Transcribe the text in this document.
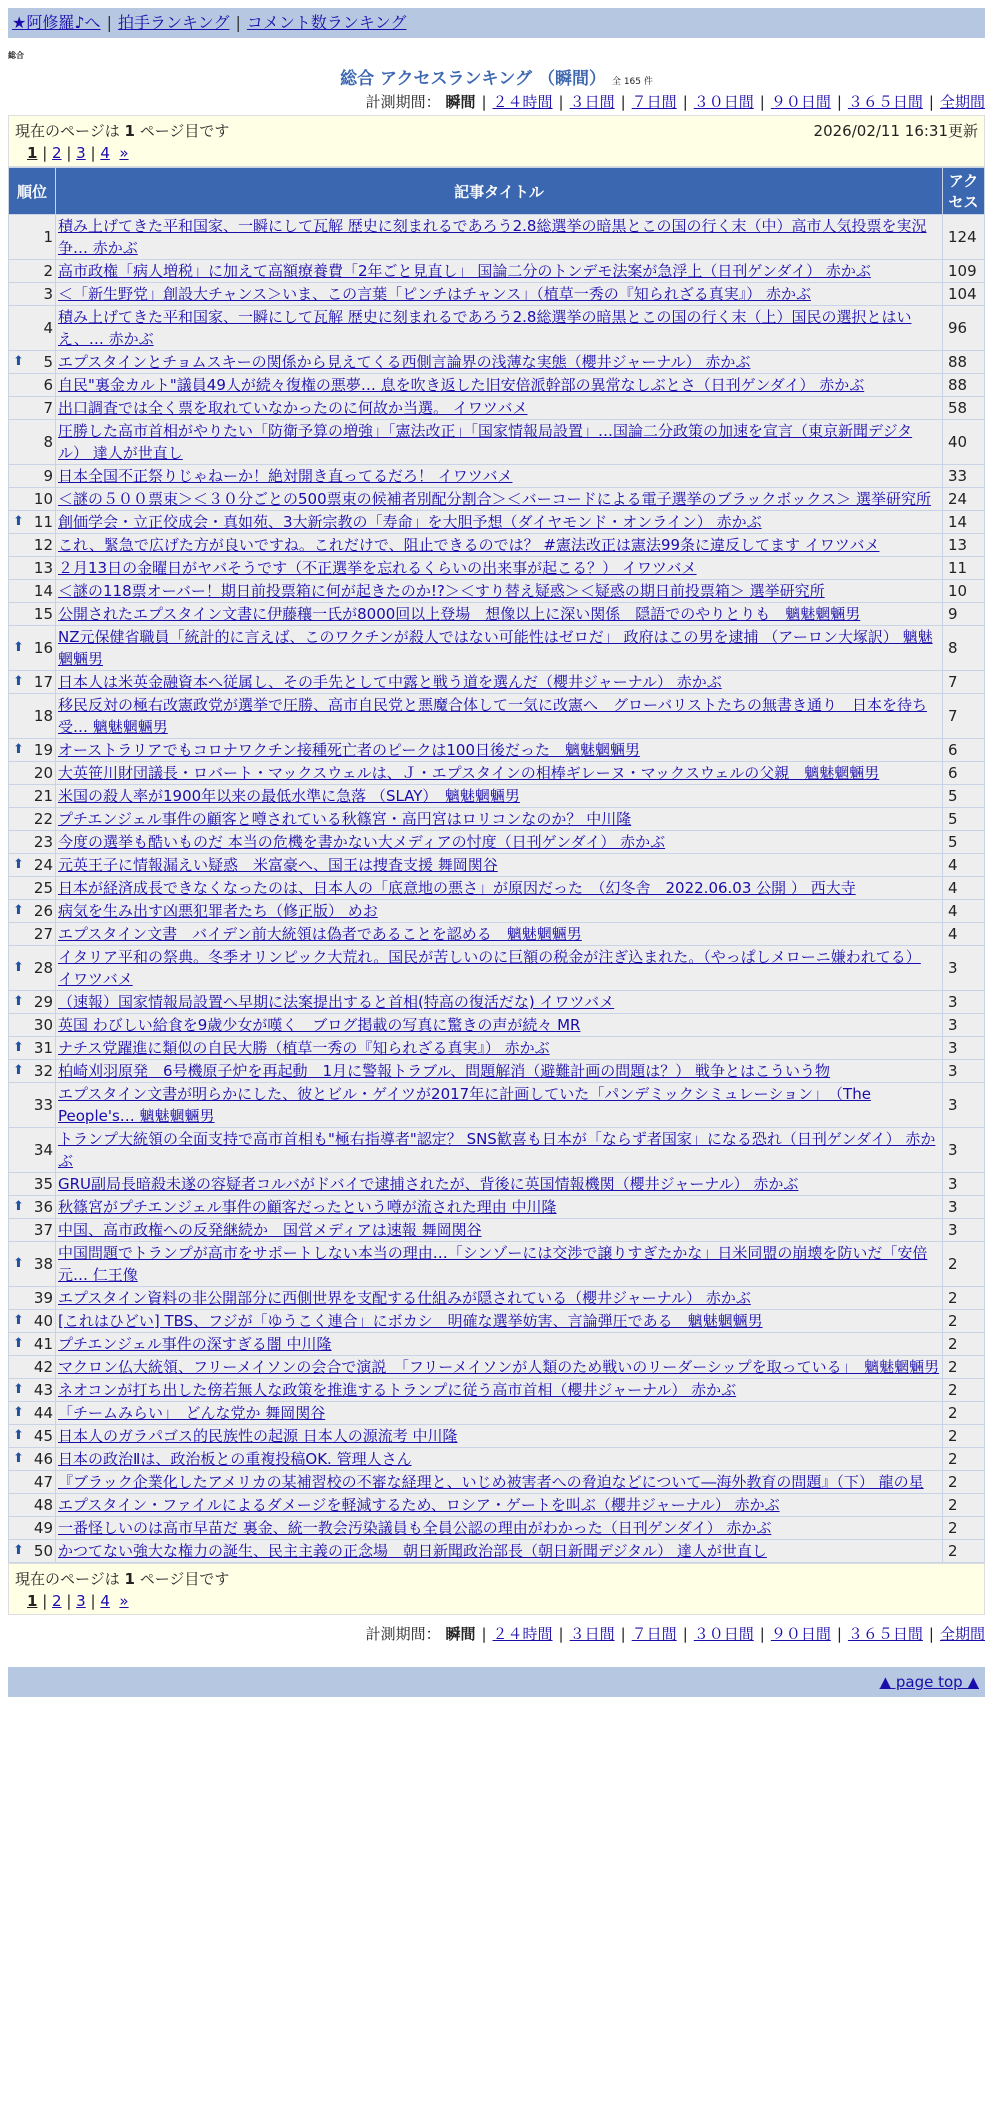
★阿修羅♪へ | 拍手ランキング | コメント数ランキング
総合
総合 アクセスランキング （瞬間） 全 165 件
計測期間： 瞬間 | ２４時間 | ３日間 | ７日間 | ３０日間 | ９０日間 | ３６５日間 | 全期間
現在のページは 1 ページ目です	2026/02/11 16:31更新
1 | 2 | 3 | 4 »
順位	記事タイトル	アクセス
1	積み上げてきた平和国家、一瞬にして瓦解 歴史に刻まれるであろう2.8総選挙の暗黒とこの国の行く末（中）高市人気投票を実況争… 赤かぶ	124
2	高市政権「病人増税」に加えて高額療養費「2年ごと見直し」 国論二分のトンデモ法案が急浮上（日刊ゲンダイ） 赤かぶ	109
3	＜「新生野党」創設大チャンス＞いま、この言葉「ピンチはチャンス」（植草一秀の『知られざる真実』） 赤かぶ	104
4	積み上げてきた平和国家、一瞬にして瓦解 歴史に刻まれるであろう2.8総選挙の暗黒とこの国の行く末（上）国民の選択とはいえ、… 赤かぶ	96

⬆ 5	エプスタインとチョムスキーの関係から見えてくる西側言論界の浅薄な実態（櫻井ジャーナル） 赤かぶ	88
6	自民"裏金カルト"議員49人が続々復権の悪夢… 息を吹き返した旧安倍派幹部の異常なしぶとさ（日刊ゲンダイ） 赤かぶ	88
7	出口調査では全く票を取れていなかったのに何故か当選。 イワツバメ	58
8	圧勝した高市首相がやりたい「防衛予算の増強」「憲法改正」「国家情報局設置」…国論二分政策の加速を宣言（東京新聞デジタル） 達人が世直し	40
9	日本全国不正祭りじゃねーか！絶対開き直ってるだろ！ イワツバメ	33
10	＜謎の５００票束＞＜３０分ごとの500票束の候補者別配分割合＞＜バーコードによる電子選挙のブラックボックス＞ 選挙研究所	24

⬆ 11	創価学会・立正佼成会・真如苑、3大新宗教の「寿命」を大胆予想（ダイヤモンド・オンライン） 赤かぶ	14
12	これ、緊急で広げた方が良いですね。これだけで、阻止できるのでは？ #憲法改正は憲法99条に違反してます イワツバメ	13
13	２月13日の金曜日がヤバそうです（不正選挙を忘れるくらいの出来事が起こる？） イワツバメ	11
14	＜謎の118票オーバー！期日前投票箱に何が起きたのか!?＞＜すり替え疑惑＞＜疑惑の期日前投票箱＞ 選挙研究所	10
15	公開されたエプスタイン文書に伊藤穰一氏が8000回以上登場　想像以上に深い関係　隠語でのやりとりも　魑魅魍魎男	9

⬆ 16	NZ元保健省職員「統計的に言えば、このワクチンが殺人ではない可能性はゼロだ」 政府はこの男を逮捕 （アーロン大塚訳） 魑魅魍魎男	8

⬆ 17	日本人は米英金融資本へ従属し、その手先として中露と戦う道を選んだ（櫻井ジャーナル） 赤かぶ	7
18	移民反対の極右改憲政党が選挙で圧勝、高市自民党と悪魔合体して一気に改憲へ　グローバリストたちの無書き通り　日本を待ち受… 魑魅魍魎男	7

⬆ 19	オーストラリアでもコロナワクチン接種死亡者のピークは100日後だった　魑魅魍魎男	6
20	大英笹川財団議長・ロバート・マックスウェルは、Ｊ・エプスタインの相棒ギレーヌ・マックスウェルの父親　魑魅魍魎男	6
21	米国の殺人率が1900年以来の最低水準に急落 （SLAY）　魑魅魍魎男	5
22	プチエンジェル事件の顧客と噂されている秋篠宮・高円宮はロリコンなのか？ 中川隆	5
23	今度の選挙も酷いものだ 本当の危機を書かない大メディアの忖度（日刊ゲンダイ） 赤かぶ	5

⬆ 24	元英王子に情報漏えい疑惑　米富豪へ、国王は捜査支援 舞岡関谷	4
25	日本が経済成長できなくなったのは、日本人の「底意地の悪さ」が原因だった　（幻冬舎　2022.06.03 公開 ） 西大寺	4

⬆ 26	病気を生み出す凶悪犯罪者たち（修正版） めお	4
27	エプスタイン文書　バイデン前大統領は偽者であることを認める　魑魅魍魎男	4

⬆ 28	イタリア平和の祭典。冬季オリンピック大荒れ。国民が苦しいのに巨額の税金が注ぎ込まれた。（やっぱしメローニ嫌われてる） イワツバメ	3

⬆ 29	（速報）国家情報局設置へ早期に法案提出すると首相(特高の復活だな) イワツバメ	3
30	英国 わびしい給食を9歳少女が嘆く　ブログ掲載の写真に驚きの声が続々 MR	3

⬆ 31	ナチス党躍進に類似の自民大勝（植草一秀の『知られざる真実』） 赤かぶ	3

⬆ 32	柏崎刈羽原発　6号機原子炉を再起動　1月に警報トラブル、問題解消（避難計画の問題は？） 戦争とはこういう物	3
33	エプスタイン文書が明らかにした、彼とビル・ゲイツが2017年に計画していた「パンデミックシミュレーション」　（The People's… 魑魅魍魎男	3
34	トランプ大統領の全面支持で高市首相も"極右指導者"認定？ SNS歓喜も日本が「ならず者国家」になる恐れ（日刊ゲンダイ） 赤かぶ	3
35	GRU副局長暗殺未遂の容疑者コルバがドバイで逮捕されたが、背後に英国情報機関（櫻井ジャーナル） 赤かぶ	3

⬆ 36	秋篠宮がプチエンジェル事件の顧客だったという噂が流された理由 中川隆	3
37	中国、高市政権への反発継続か　国営メディアは速報 舞岡関谷	3

⬆ 38	中国問題でトランプが高市をサポートしない本当の理由…「シンゾーには交渉で譲りすぎたかな」日米同盟の崩壊を防いだ「安倍元… 仁王像	2
39	エプスタイン資料の非公開部分に西側世界を支配する仕組みが隠されている（櫻井ジャーナル） 赤かぶ	2

⬆ 40	[これはひどい] TBS、フジが「ゆうこく連合」にボカシ　明確な選挙妨害、言論弾圧である　魑魅魍魎男	2

⬆ 41	プチエンジェル事件の深すぎる闇 中川隆	2
42	マクロン仏大統領、フリーメイソンの会合で演説　「フリーメイソンが人類のため戦いのリーダーシップを取っている」　魑魅魍魎男	2

⬆ 43	ネオコンが打ち出した傍若無人な政策を推進するトランプに従う高市首相（櫻井ジャーナル） 赤かぶ	2

⬆ 44	「チームみらい」　どんな党か 舞岡関谷	2

⬆ 45	日本人のガラパゴス的民族性の起源 日本人の源流考 中川隆	2

⬆ 46	日本の政治Ⅱは、政治板との重複投稿OK. 管理人さん	2
47	『ブラック企業化したアメリカの某補習校の不審な経理と、いじめ被害者への脅迫などについて―海外教育の問題』（下） 龍の星	2
48	エプスタイン・ファイルによるダメージを軽減するため、ロシア・ゲートを叫ぶ（櫻井ジャーナル） 赤かぶ	2
49	一番怪しいのは高市早苗だ 裏金、統一教会汚染議員も全員公認の理由がわかった（日刊ゲンダイ） 赤かぶ	2

⬆ 50	かつてない強大な権力の誕生、民主主義の正念場　朝日新聞政治部長（朝日新聞デジタル） 達人が世直し	2
現在のページは 1 ページ目です
1 | 2 | 3 | 4 »
計測期間： 瞬間 | ２４時間 | ３日間 | ７日間 | ３０日間 | ９０日間 | ３６５日間 | 全期間
▲ page top ▲
